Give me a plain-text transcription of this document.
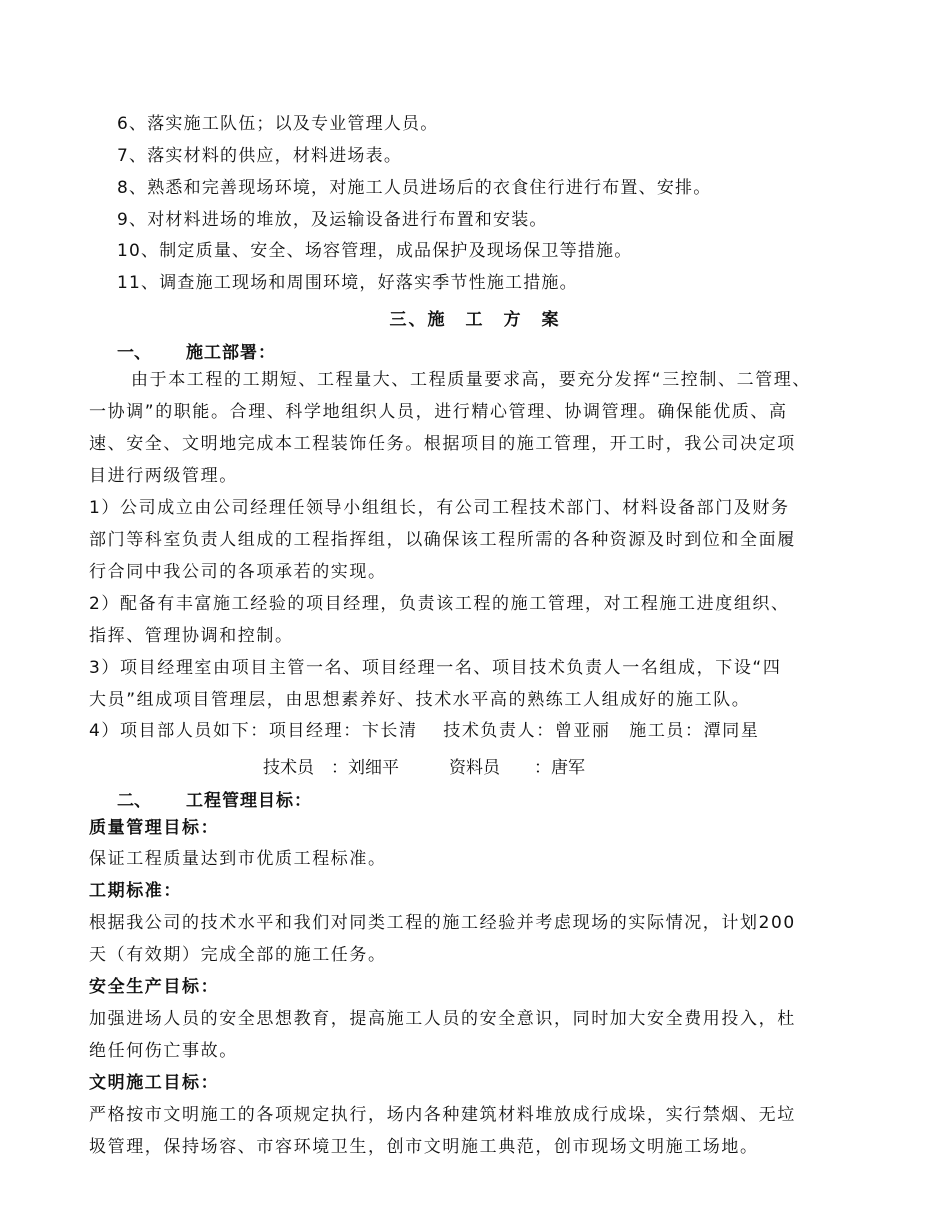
6、落实施工队伍；以及专业管理人员。
7、落实材料的供应，材料进场表。
8、熟悉和完善现场环境，对施工人员进场后的衣食住行进行布置、安排。
9、对材料进场的堆放，及运输设备进行布置和安装。
10、制定质量、安全、场容管理，成品保护及现场保卫等措施。
11、调查施工现场和周围环境，好落实季节性施工措施。
三、施　工　方　案
一、 施工部署：
由于本工程的工期短、工程量大、工程质量要求高，要充分发挥“三控制、二管理、
一协调”的职能。合理、科学地组织人员，进行精心管理、协调管理。确保能优质、高
速、安全、文明地完成本工程装饰任务。根据项目的施工管理，开工时，我公司决定项
目进行两级管理。
1）公司成立由公司经理任领导小组组长，有公司工程技术部门、材料设备部门及财务
部门等科室负责人组成的工程指挥组，以确保该工程所需的各种资源及时到位和全面履
行合同中我公司的各项承若的实现。
2）配备有丰富施工经验的项目经理，负责该工程的施工管理，对工程施工进度组织、
指挥、管理协调和控制。
3）项目经理室由项目主管一名、项目经理一名、项目技术负责人一名组成，下设“四
大员”组成项目管理层，由思想素养好、技术水平高的熟练工人组成好的施工队。
4）项目部人员如下：项目经理：卞长清　 技术负责人：曾亚丽　施工员：潭同星
技术员　：刘细平	资料员　　：唐军
二、 工程管理目标：
质量管理目标：
保证工程质量达到市优质工程标准。
工期标准：
根据我公司的技术水平和我们对同类工程的施工经验并考虑现场的实际情况，计划200
天（有效期）完成全部的施工任务。
安全生产目标：
加强进场人员的安全思想教育，提高施工人员的安全意识，同时加大安全费用投入，杜
绝任何伤亡事故。
文明施工目标：
严格按市文明施工的各项规定执行，场内各种建筑材料堆放成行成垛，实行禁烟、无垃
圾管理，保持场容、市容环境卫生，创市文明施工典范，创市现场文明施工场地。
